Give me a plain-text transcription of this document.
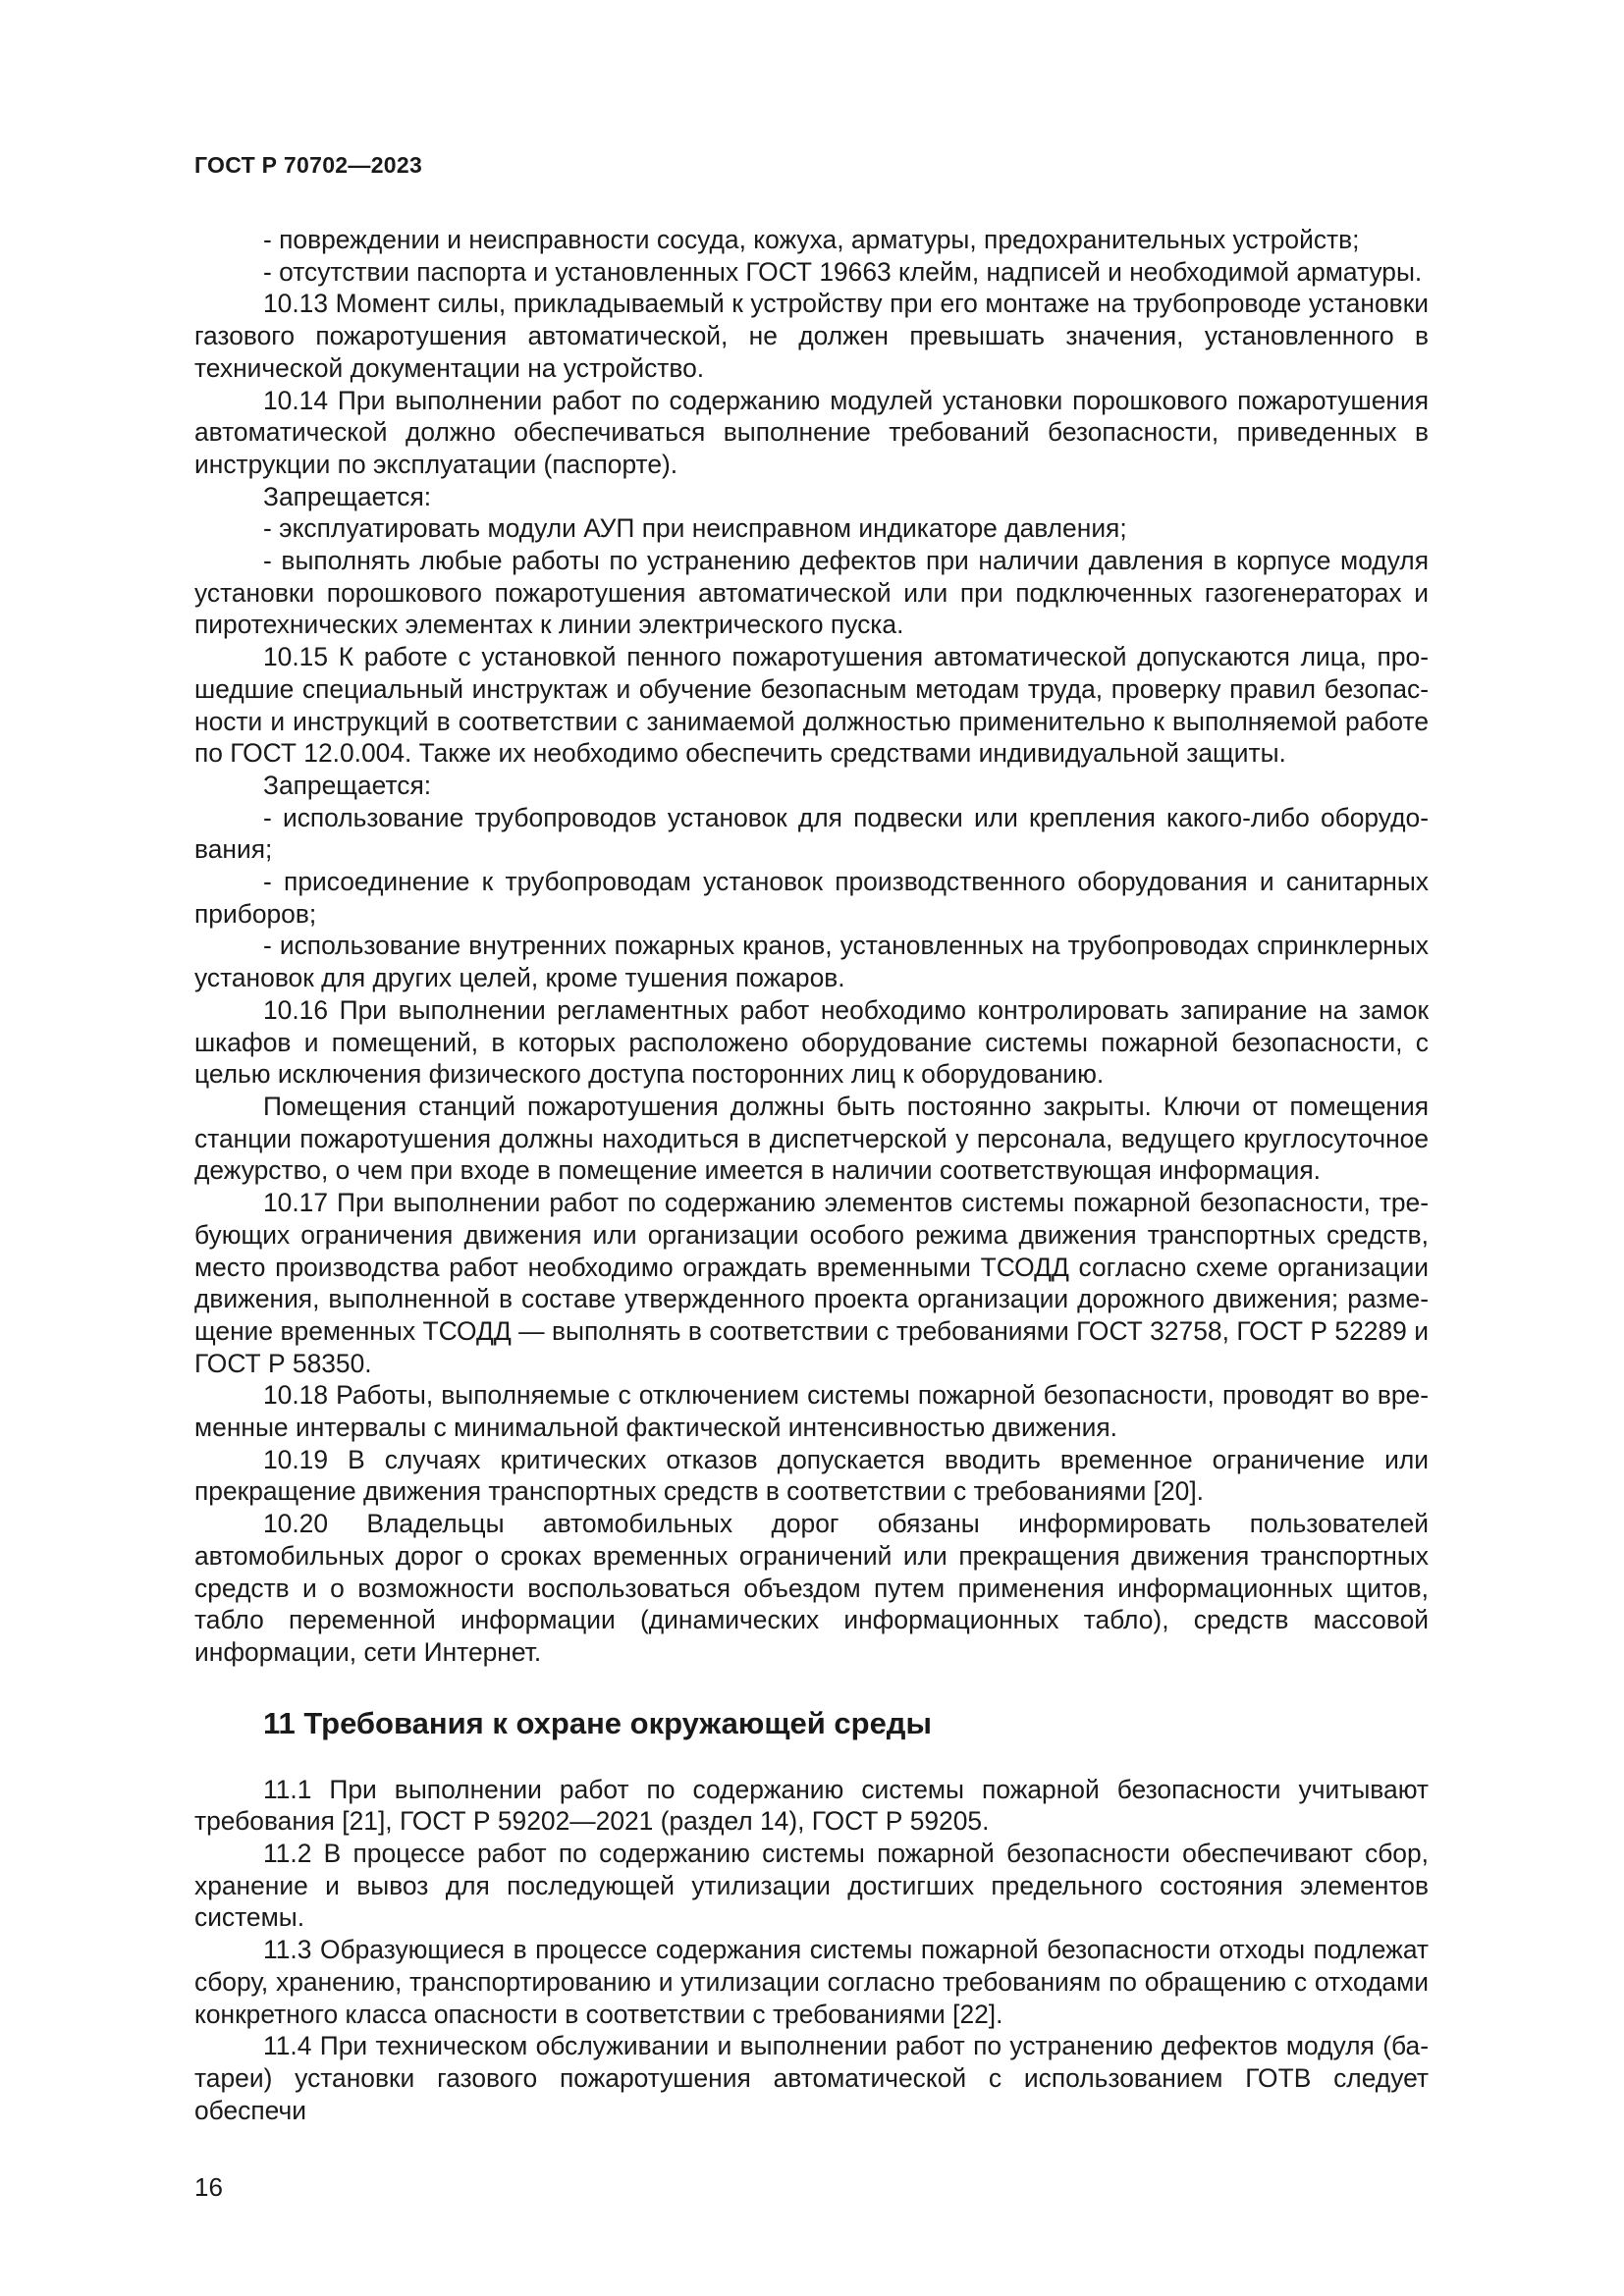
ГОСТ Р 70702—2023

- повреждении и неисправности сосуда, кожуха, арматуры, предохранительных устройств;

- отсутствии паспорта и установленных ГОСТ 19663 клейм, надписей и необходимой арматуры.

10.13 Момент силы, прикладываемый к устройству при его монтаже на трубопроводе установки газового пожаротушения автоматической, не должен превышать значения, установленного в технической документации на устройство.

10.14 При выполнении работ по содержанию модулей установки порошкового пожаротушения автоматической должно обеспечиваться выполнение требований безопасности, приведенных в инструкции по эксплуатации (паспорте).

Запрещается:

- эксплуатировать модули АУП при неисправном индикаторе давления;

- выполнять любые работы по устранению дефектов при наличии давления в корпусе модуля установки порошкового пожаротушения автоматической или при подключенных газогенераторах и пиротехнических элементах к линии электрического пуска.

10.15 К работе с установкой пенного пожаротушения автоматической допускаются лица, прошедшие специальный инструктаж и обучение безопасным методам труда, проверку правил безопасности и инструкций в соответствии с занимаемой должностью применительно к выполняемой работе по ГОСТ 12.0.004. Также их необходимо обеспечить средствами индивидуальной защиты.

Запрещается:

- использование трубопроводов установок для подвески или крепления какого-либо оборудования;

- присоединение к трубопроводам установок производственного оборудования и санитарных приборов;

- использование внутренних пожарных кранов, установленных на трубопроводах спринклерных установок для других целей, кроме тушения пожаров.

10.16 При выполнении регламентных работ необходимо контролировать запирание на замок шкафов и помещений, в которых расположено оборудование системы пожарной безопасности, с целью исключения физического доступа посторонних лиц к оборудованию.

Помещения станций пожаротушения должны быть постоянно закрыты. Ключи от помещения станции пожаротушения должны находиться в диспетчерской у персонала, ведущего круглосуточное дежурство, о чем при входе в помещение имеется в наличии соответствующая информация.

10.17 При выполнении работ по содержанию элементов системы пожарной безопасности, требующих ограничения движения или организации особого режима движения транспортных средств, место производства работ необходимо ограждать временными ТСОДД согласно схеме организации движения, выполненной в составе утвержденного проекта организации дорожного движения; размещение временных ТСОДД — выполнять в соответствии с требованиями ГОСТ 32758, ГОСТ Р 52289 и ГОСТ Р 58350.

10.18 Работы, выполняемые с отключением системы пожарной безопасности, проводят во временные интервалы с минимальной фактической интенсивностью движения.

10.19 В случаях критических отказов допускается вводить временное ограничение или прекращение движения транспортных средств в соответствии с требованиями [20].

10.20 Владельцы автомобильных дорог обязаны информировать пользователей автомобильных дорог о сроках временных ограничений или прекращения движения транспортных средств и о возможности воспользоваться объездом путем применения информационных щитов, табло переменной информации (динамических информационных табло), средств массовой информации, сети Интернет.

11 Требования к охране окружающей среды

11.1 При выполнении работ по содержанию системы пожарной безопасности учитывают требования [21], ГОСТ Р 59202—2021 (раздел 14), ГОСТ Р 59205.

11.2 В процессе работ по содержанию системы пожарной безопасности обеспечивают сбор, хранение и вывоз для последующей утилизации достигших предельного состояния элементов системы.

11.3 Образующиеся в процессе содержания системы пожарной безопасности отходы подлежат сбору, хранению, транспортированию и утилизации согласно требованиям по обращению с отходами конкретного класса опасности в соответствии с требованиями [22].

11.4 При техническом обслуживании и выполнении работ по устранению дефектов модуля (батареи) установки газового пожаротушения автоматической с использованием ГОТВ следует обеспечи

16
